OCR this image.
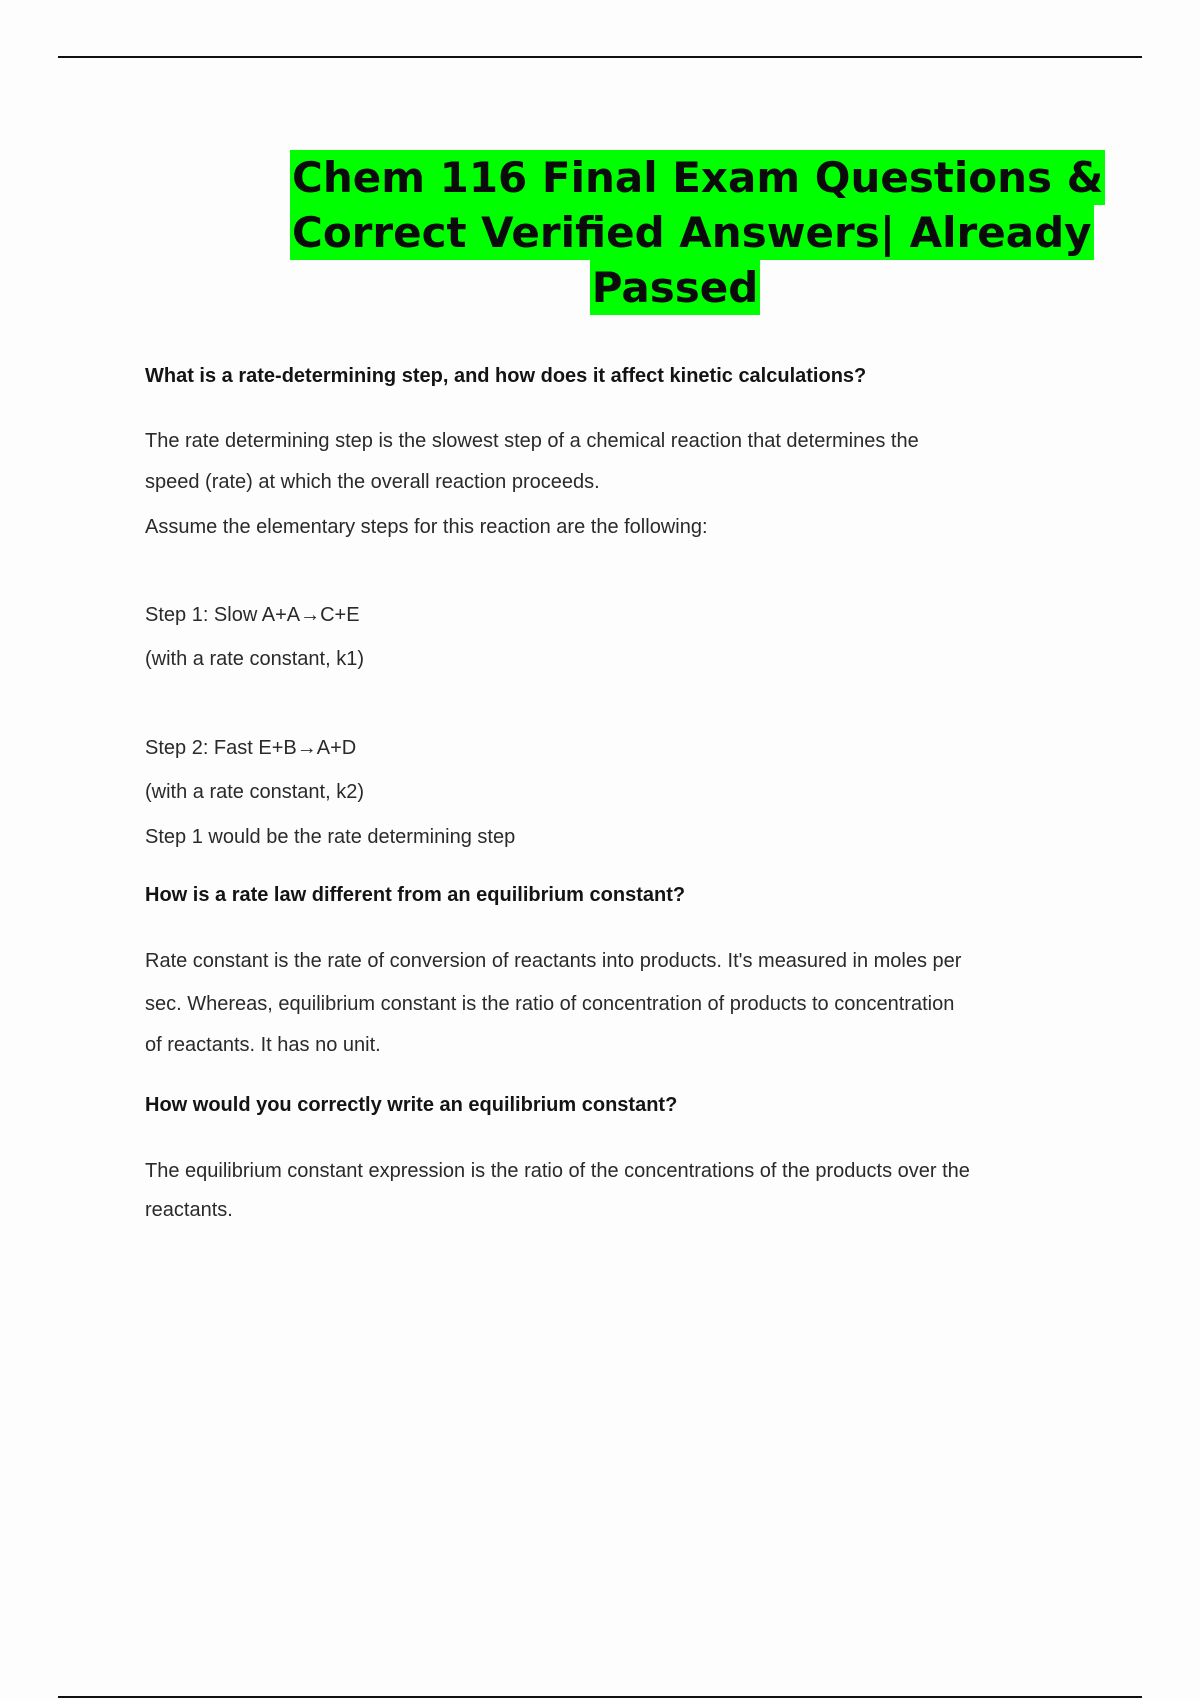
Chem 116 Final Exam Questions &
Correct Verified Answers| Already
Passed
What is a rate-determining step, and how does it affect kinetic calculations?
The rate determining step is the slowest step of a chemical reaction that determines the
speed (rate) at which the overall reaction proceeds.
Assume the elementary steps for this reaction are the following:
Step 1: Slow A+A→C+E
(with a rate constant, k1)
Step 2: Fast E+B→A+D
(with a rate constant, k2)
Step 1 would be the rate determining step
How is a rate law different from an equilibrium constant?
Rate constant is the rate of conversion of reactants into products. It's measured in moles per
sec. Whereas, equilibrium constant is the ratio of concentration of products to concentration
of reactants. It has no unit.
How would you correctly write an equilibrium constant?
The equilibrium constant expression is the ratio of the concentrations of the products over the
reactants.
